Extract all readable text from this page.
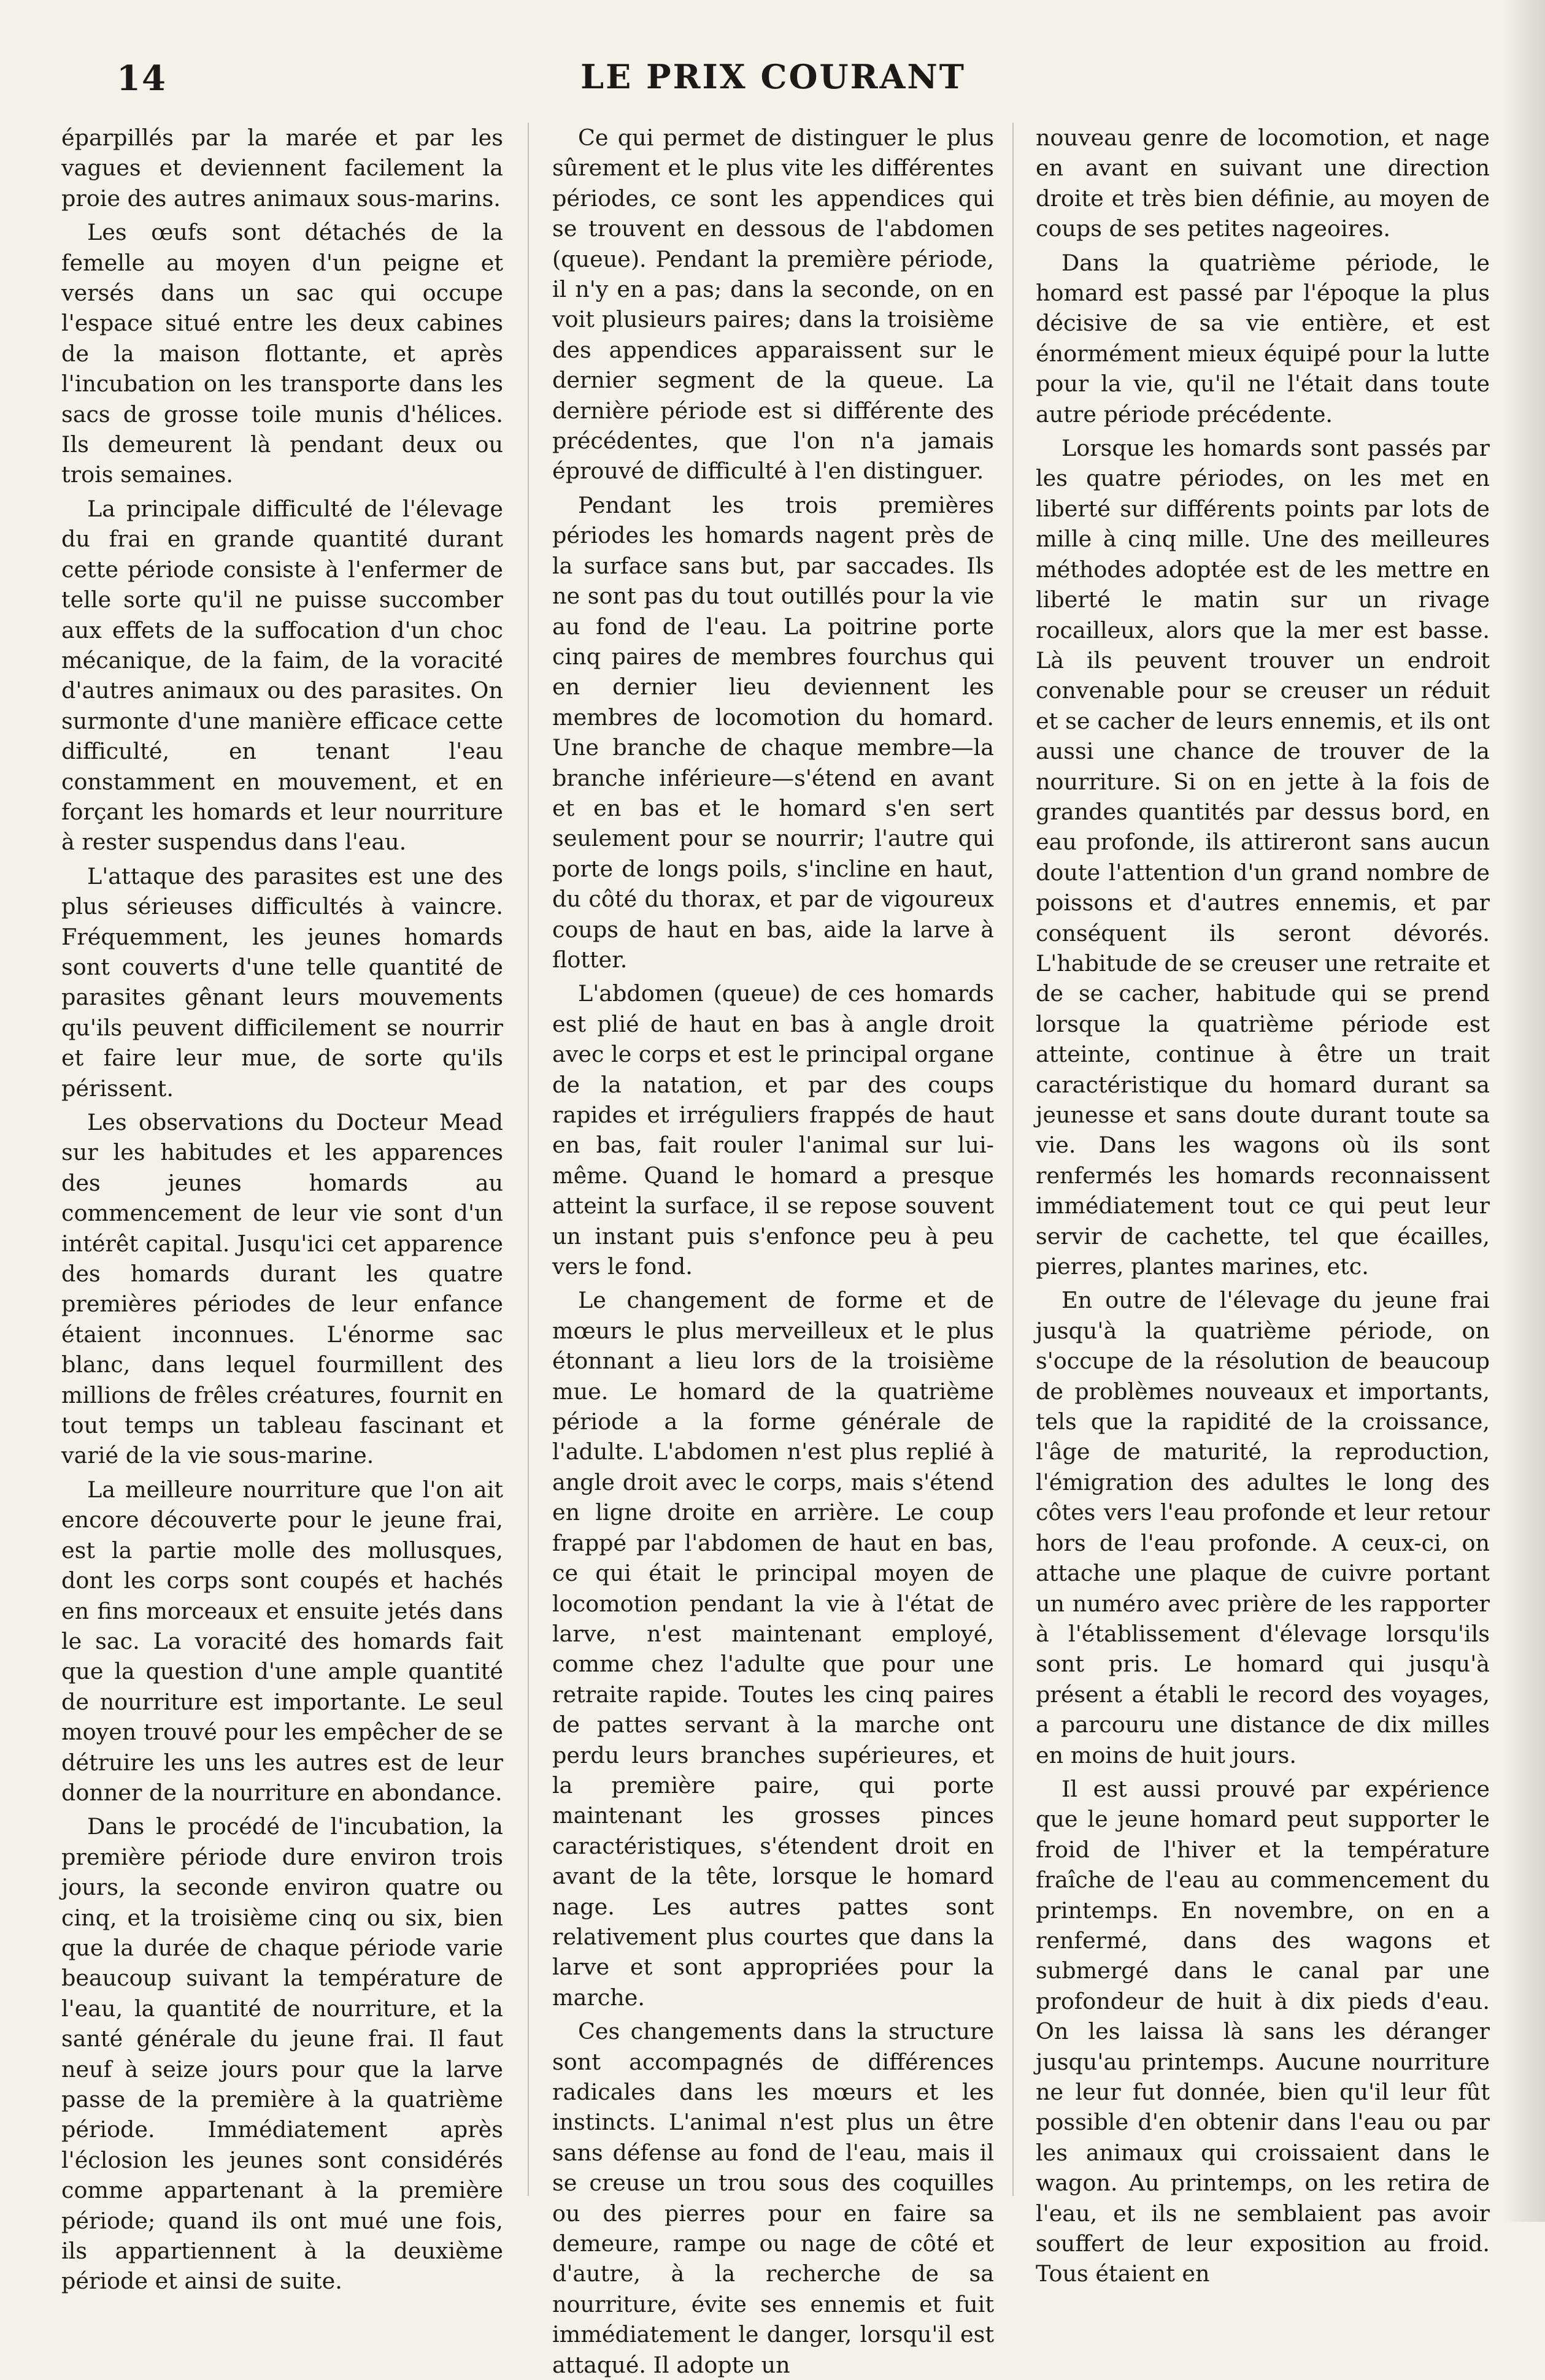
14	LE PRIX COURANT

éparpillés par la marée et par les vagues et deviennent facilement la proie des autres animaux sous-marins.

Les œufs sont détachés de la femelle au moyen d'un peigne et versés dans un sac qui occupe l'espace situé entre les deux cabines de la maison flottante, et après l'incubation on les transporte dans les sacs de grosse toile munis d'hélices. Ils demeurent là pendant deux ou trois semaines.

La principale difficulté de l'élevage du frai en grande quantité durant cette période consiste à l'enfermer de telle sorte qu'il ne puisse succomber aux effets de la suffocation d'un choc mécanique, de la faim, de la voracité d'autres animaux ou des parasites. On surmonte d'une manière efficace cette difficulté, en tenant l'eau constamment en mouvement, et en forçant les homards et leur nourriture à rester suspendus dans l'eau.

L'attaque des parasites est une des plus sérieuses difficultés à vaincre. Fréquemment, les jeunes homards sont couverts d'une telle quantité de parasites gênant leurs mouvements qu'ils peuvent difficilement se nourrir et faire leur mue, de sorte qu'ils périssent.

Les observations du Docteur Mead sur les habitudes et les apparences des jeunes homards au commencement de leur vie sont d'un intérêt capital. Jusqu'ici cet apparence des homards durant les quatre premières périodes de leur enfance étaient inconnues. L'énorme sac blanc, dans lequel fourmillent des millions de frêles créatures, fournit en tout temps un tableau fascinant et varié de la vie sous-marine.

La meilleure nourriture que l'on ait encore découverte pour le jeune frai, est la partie molle des mollusques, dont les corps sont coupés et hachés en fins morceaux et ensuite jetés dans le sac. La voracité des homards fait que la question d'une ample quantité de nourriture est importante. Le seul moyen trouvé pour les empêcher de se détruire les uns les autres est de leur donner de la nourriture en abondance.

Dans le procédé de l'incubation, la première période dure environ trois jours, la seconde environ quatre ou cinq, et la troisième cinq ou six, bien que la durée de chaque période varie beaucoup suivant la température de l'eau, la quantité de nourriture, et la santé générale du jeune frai. Il faut neuf à seize jours pour que la larve passe de la première à la quatrième période. Immédiatement après l'éclosion les jeunes sont considérés comme appartenant à la première période; quand ils ont mué une fois, ils appartiennent à la deuxième période et ainsi de suite.

Ce qui permet de distinguer le plus sûrement et le plus vite les différentes périodes, ce sont les appendices qui se trouvent en dessous de l'abdomen (queue). Pendant la première période, il n'y en a pas; dans la seconde, on en voit plusieurs paires; dans la troisième des appendices apparaissent sur le dernier segment de la queue. La dernière période est si différente des précédentes, que l'on n'a jamais éprouvé de difficulté à l'en distinguer.

Pendant les trois premières périodes les homards nagent près de la surface sans but, par saccades. Ils ne sont pas du tout outillés pour la vie au fond de l'eau. La poitrine porte cinq paires de membres fourchus qui en dernier lieu deviennent les membres de locomotion du homard. Une branche de chaque membre—la branche inférieure—s'étend en avant et en bas et le homard s'en sert seulement pour se nourrir; l'autre qui porte de longs poils, s'incline en haut, du côté du thorax, et par de vigoureux coups de haut en bas, aide la larve à flotter.

L'abdomen (queue) de ces homards est plié de haut en bas à angle droit avec le corps et est le principal organe de la natation, et par des coups rapides et irréguliers frappés de haut en bas, fait rouler l'animal sur lui-même. Quand le homard a presque atteint la surface, il se repose souvent un instant puis s'enfonce peu à peu vers le fond.

Le changement de forme et de mœurs le plus merveilleux et le plus étonnant a lieu lors de la troisième mue. Le homard de la quatrième période a la forme générale de l'adulte. L'abdomen n'est plus replié à angle droit avec le corps, mais s'étend en ligne droite en arrière. Le coup frappé par l'abdomen de haut en bas, ce qui était le principal moyen de locomotion pendant la vie à l'état de larve, n'est maintenant employé, comme chez l'adulte que pour une retraite rapide. Toutes les cinq paires de pattes servant à la marche ont perdu leurs branches supérieures, et la première paire, qui porte maintenant les grosses pinces caractéristiques, s'étendent droit en avant de la tête, lorsque le homard nage. Les autres pattes sont relativement plus courtes que dans la larve et sont appropriées pour la marche.

Ces changements dans la structure sont accompagnés de différences radicales dans les mœurs et les instincts. L'animal n'est plus un être sans défense au fond de l'eau, mais il se creuse un trou sous des coquilles ou des pierres pour en faire sa demeure, rampe ou nage de côté et d'autre, à la recherche de sa nourriture, évite ses ennemis et fuit immédiatement le danger, lorsqu'il est attaqué. Il adopte un

nouveau genre de locomotion, et nage en avant en suivant une direction droite et très bien définie, au moyen de coups de ses petites nageoires.

Dans la quatrième période, le homard est passé par l'époque la plus décisive de sa vie entière, et est énormément mieux équipé pour la lutte pour la vie, qu'il ne l'était dans toute autre période précédente.

Lorsque les homards sont passés par les quatre périodes, on les met en liberté sur différents points par lots de mille à cinq mille. Une des meilleures méthodes adoptée est de les mettre en liberté le matin sur un rivage rocailleux, alors que la mer est basse. Là ils peuvent trouver un endroit convenable pour se creuser un réduit et se cacher de leurs ennemis, et ils ont aussi une chance de trouver de la nourriture. Si on en jette à la fois de grandes quantités par dessus bord, en eau profonde, ils attireront sans aucun doute l'attention d'un grand nombre de poissons et d'autres ennemis, et par conséquent ils seront dévorés. L'habitude de se creuser une retraite et de se cacher, habitude qui se prend lorsque la quatrième période est atteinte, continue à être un trait caractéristique du homard durant sa jeunesse et sans doute durant toute sa vie. Dans les wagons où ils sont renfermés les homards reconnaissent immédiatement tout ce qui peut leur servir de cachette, tel que écailles, pierres, plantes marines, etc.

En outre de l'élevage du jeune frai jusqu'à la quatrième période, on s'occupe de la résolution de beaucoup de problèmes nouveaux et importants, tels que la rapidité de la croissance, l'âge de maturité, la reproduction, l'émigration des adultes le long des côtes vers l'eau profonde et leur retour hors de l'eau profonde. A ceux-ci, on attache une plaque de cuivre portant un numéro avec prière de les rapporter à l'établissement d'élevage lorsqu'ils sont pris. Le homard qui jusqu'à présent a établi le record des voyages, a parcouru une distance de dix milles en moins de huit jours.

Il est aussi prouvé par expérience que le jeune homard peut supporter le froid de l'hiver et la température fraîche de l'eau au commencement du printemps. En novembre, on en a renfermé, dans des wagons et submergé dans le canal par une profondeur de huit à dix pieds d'eau. On les laissa là sans les déranger jusqu'au printemps. Aucune nourriture ne leur fut donnée, bien qu'il leur fût possible d'en obtenir dans l'eau ou par les animaux qui croissaient dans le wagon. Au printemps, on les retira de l'eau, et ils ne semblaient pas avoir souffert de leur exposition au froid. Tous étaient en
